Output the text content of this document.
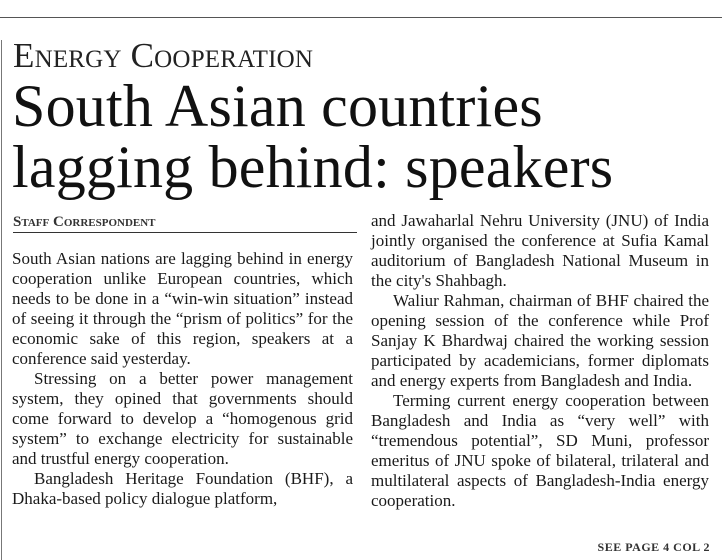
Energy Cooperation
South Asian countries
lagging behind: speakers
Staff Correspondent

South Asian nations are lagging behind in energy cooperation unlike European countries, which needs to be done in a “win-win situation” instead of seeing it through the “prism of politics” for the economic sake of this region, speakers at a conference said yesterday.

Stressing on a better power management system, they opined that governments should come forward to develop a “homogenous grid system” to exchange electricity for sustainable and trustful energy cooperation.

Bangladesh Heritage Foundation (BHF), a Dhaka-based policy dialogue platform,

and Jawaharlal Nehru University (JNU) of India jointly organised the conference at Sufia Kamal auditorium of Bangladesh National Museum in the city's Shahbagh.

Waliur Rahman, chairman of BHF chaired the opening session of the conference while Prof Sanjay K Bhardwaj chaired the working session participated by academicians, former diplomats and energy experts from Bangladesh and India.

Terming current energy cooperation between Bangladesh and India as “very well” with “tremendous potential”, SD Muni, professor emeritus of JNU spoke of bilateral, trilateral and multilateral aspects of Bangladesh-India energy cooperation.

SEE PAGE 4 COL 2
